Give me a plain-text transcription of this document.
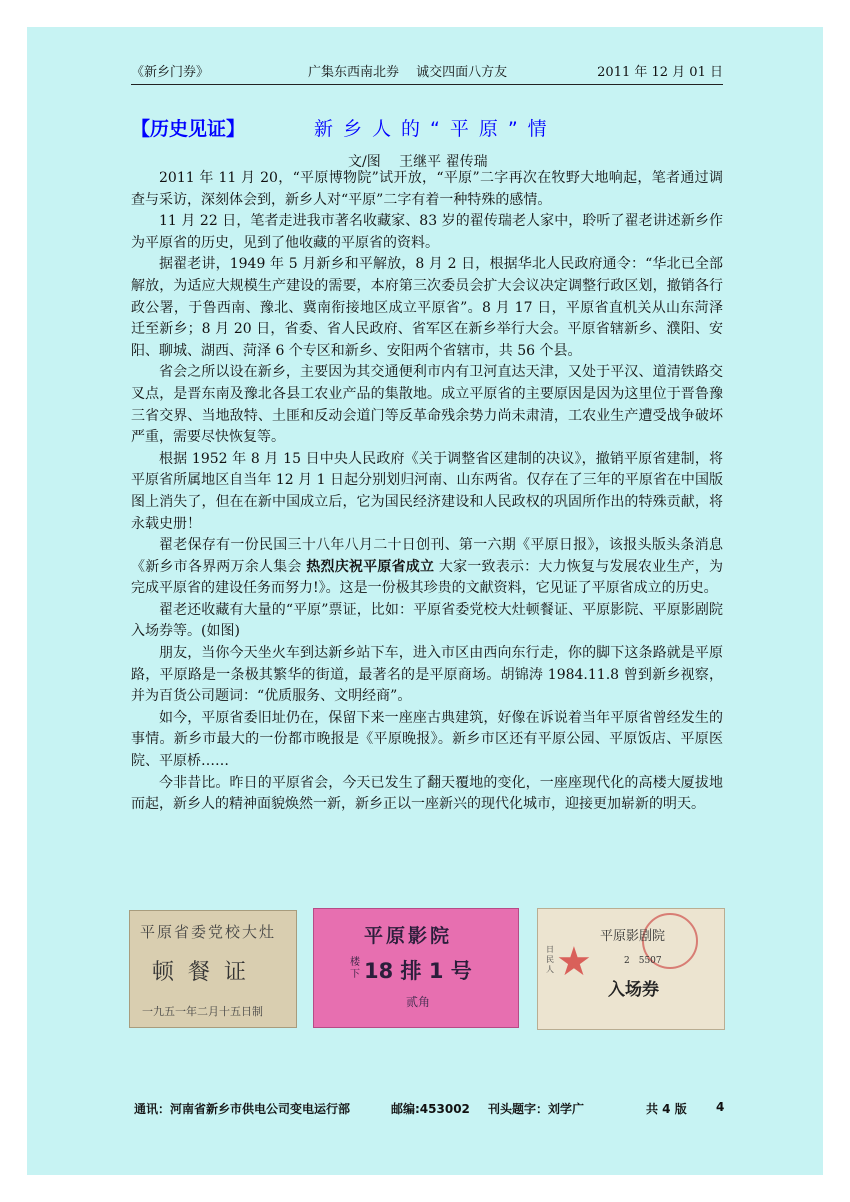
《新乡门券》	广集东西南北券　 诚交四面八方友	2011 年 12 月 01 日
【历史见证】	新乡人的“平原”情
文/图　 王继平 翟传瑞

2011 年 11 月 20，“平原博物院”试开放，“平原”二字再次在牧野大地响起，笔者通过调查与采访，深刻体会到，新乡人对“平原”二字有着一种特殊的感情。

11 月 22 日，笔者走进我市著名收藏家、83 岁的翟传瑞老人家中，聆听了翟老讲述新乡作为平原省的历史，见到了他收藏的平原省的资料。

据翟老讲，1949 年 5 月新乡和平解放，8 月 2 日，根据华北人民政府通令：“华北已全部解放，为适应大规模生产建设的需要，本府第三次委员会扩大会议决定调整行政区划，撤销各行政公署，于鲁西南、豫北、冀南衔接地区成立平原省”。8 月 17 日，平原省直机关从山东菏泽迁至新乡；8 月 20 日，省委、省人民政府、省军区在新乡举行大会。平原省辖新乡、濮阳、安阳、聊城、湖西、菏泽 6 个专区和新乡、安阳两个省辖市，共 56 个县。

省会之所以设在新乡，主要因为其交通便利市内有卫河直达天津，又处于平汉、道清铁路交叉点，是晋东南及豫北各县工农业产品的集散地。成立平原省的主要原因是因为这里位于晋鲁豫三省交界、当地敌特、土匪和反动会道门等反革命残余势力尚未肃清，工农业生产遭受战争破坏严重，需要尽快恢复等。

根据 1952 年 8 月 15 日中央人民政府《关于调整省区建制的决议》，撤销平原省建制，将平原省所属地区自当年 12 月 1 日起分别划归河南、山东两省。仅存在了三年的平原省在中国版图上消失了，但在在新中国成立后，它为国民经济建设和人民政权的巩固所作出的特殊贡献，将永载史册！

翟老保存有一份民国三十八年八月二十日创刊、第一六期《平原日报》，该报头版头条消息《新乡市各界两万余人集会 热烈庆祝平原省成立 大家一致表示：大力恢复与发展农业生产，为完成平原省的建设任务而努力!》。这是一份极其珍贵的文献资料，它见证了平原省成立的历史。

翟老还收藏有大量的“平原”票证，比如：平原省委党校大灶顿餐证、平原影院、平原影剧院入场券等。(如图)

朋友，当你今天坐火车到达新乡站下车，进入市区由西向东行走，你的脚下这条路就是平原路，平原路是一条极其繁华的街道，最著名的是平原商场。胡锦涛 1984.11.8 曾到新乡视察，并为百货公司题词：“优质服务、文明经商”。

如今，平原省委旧址仍在，保留下来一座座古典建筑，好像在诉说着当年平原省曾经发生的事情。新乡市最大的一份都市晚报是《平原晚报》。新乡市区还有平原公园、平原饭店、平原医院、平原桥……

今非昔比。昨日的平原省会，今天已发生了翻天覆地的变化，一座座现代化的高楼大厦拔地而起，新乡人的精神面貌焕然一新，新乡正以一座新兴的现代化城市，迎接更加崭新的明天。

平原省委党校大灶
顿餐证
一九五一年二月十五日制
平原影院
楼下 18 排 1 号
贰角
★
日民人
平原影剧院
2　5507
入场券
通讯：河南省新乡市供电公司变电运行部	邮编:453002 刊头题字：刘学广	共 4 版 4
